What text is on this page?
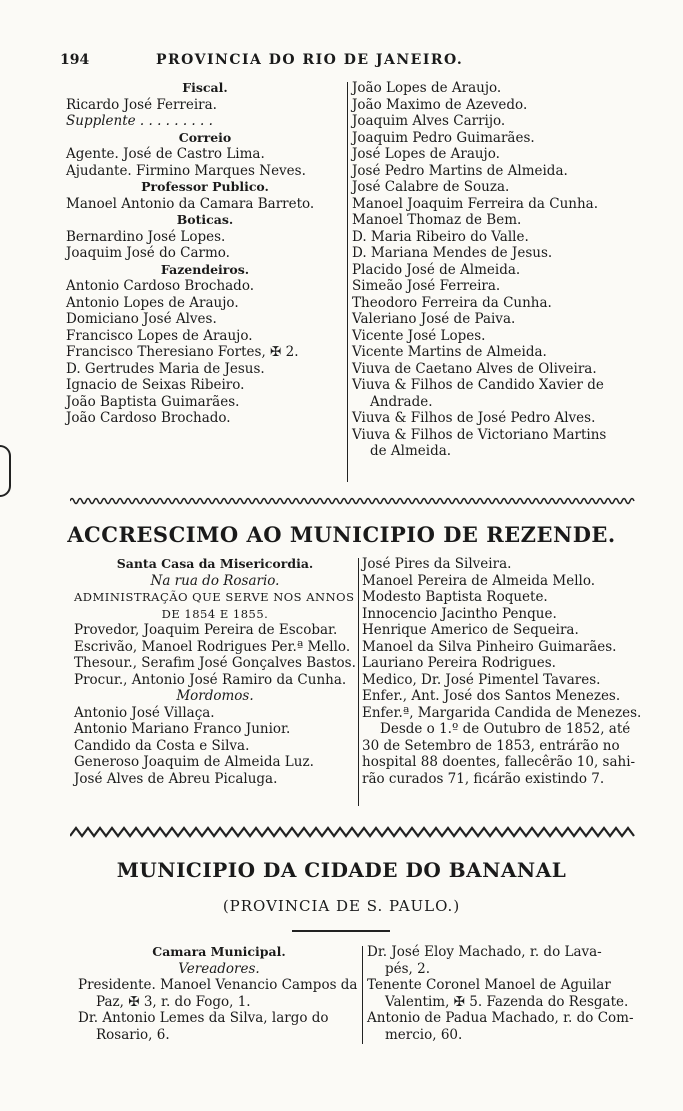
194	PROVINCIA DO RIO DE JANEIRO.
Fiscal.
Ricardo José Ferreira.
Supplente . . . . . . . . .
Correio
Agente. José de Castro Lima.
Ajudante. Firmino Marques Neves.
Professor Publico.
Manoel Antonio da Camara Barreto.
Boticas.
Bernardino José Lopes.
Joaquim José do Carmo.
Fazendeiros.
Antonio Cardoso Brochado.
Antonio Lopes de Araujo.
Domiciano José Alves.
Francisco Lopes de Araujo.
Francisco Theresiano Fortes, ✠ 2.
D. Gertrudes Maria de Jesus.
Ignacio de Seixas Ribeiro.
João Baptista Guimarães.
João Cardoso Brochado.
João Lopes de Araujo.
João Maximo de Azevedo.
Joaquim Alves Carrijo.
Joaquim Pedro Guimarães.
José Lopes de Araujo.
José Pedro Martins de Almeida.
José Calabre de Souza.
Manoel Joaquim Ferreira da Cunha.
Manoel Thomaz de Bem.
D. Maria Ribeiro do Valle.
D. Mariana Mendes de Jesus.
Placido José de Almeida.
Simeão José Ferreira.
Theodoro Ferreira da Cunha.
Valeriano José de Paiva.
Vicente José Lopes.
Vicente Martins de Almeida.
Viuva de Caetano Alves de Oliveira.
Viuva & Filhos de Candido Xavier de
Andrade.
Viuva & Filhos de José Pedro Alves.
Viuva & Filhos de Victoriano Martins
de Almeida.
ACCRESCIMO AO MUNICIPIO DE REZENDE.
Santa Casa da Misericordia.
Na rua do Rosario.
ADMINISTRAÇÃO QUE SERVE NOS ANNOS
DE 1854 E 1855.
Provedor, Joaquim Pereira de Escobar.
Escrivão, Manoel Rodrigues Per.ª Mello.
Thesour., Serafim José Gonçalves Bastos.
Procur., Antonio José Ramiro da Cunha.
Mordomos.
Antonio José Villaça.
Antonio Mariano Franco Junior.
Candido da Costa e Silva.
Generoso Joaquim de Almeida Luz.
José Alves de Abreu Picaluga.
José Pires da Silveira.
Manoel Pereira de Almeida Mello.
Modesto Baptista Roquete.
Innocencio Jacintho Penque.
Henrique Americo de Sequeira.
Manoel da Silva Pinheiro Guimarães.
Lauriano Pereira Rodrigues.
Medico, Dr. José Pimentel Tavares.
Enfer., Ant. José dos Santos Menezes.
Enfer.ª, Margarida Candida de Menezes.
Desde o 1.º de Outubro de 1852, até
30 de Setembro de 1853, entrárão no
hospital 88 doentes, fallecêrão 10, sahi-
rão curados 71, ficárão existindo 7.
MUNICIPIO DA CIDADE DO BANANAL
(PROVINCIA DE S. PAULO.)
Camara Municipal.
Vereadores.
Presidente. Manoel Venancio Campos da
Paz, ✠ 3, r. do Fogo, 1.
Dr. Antonio Lemes da Silva, largo do
Rosario, 6.
Dr. José Eloy Machado, r. do Lava-
pés, 2.
Tenente Coronel Manoel de Aguilar
Valentim, ✠ 5. Fazenda do Resgate.
Antonio de Padua Machado, r. do Com-
mercio, 60.
